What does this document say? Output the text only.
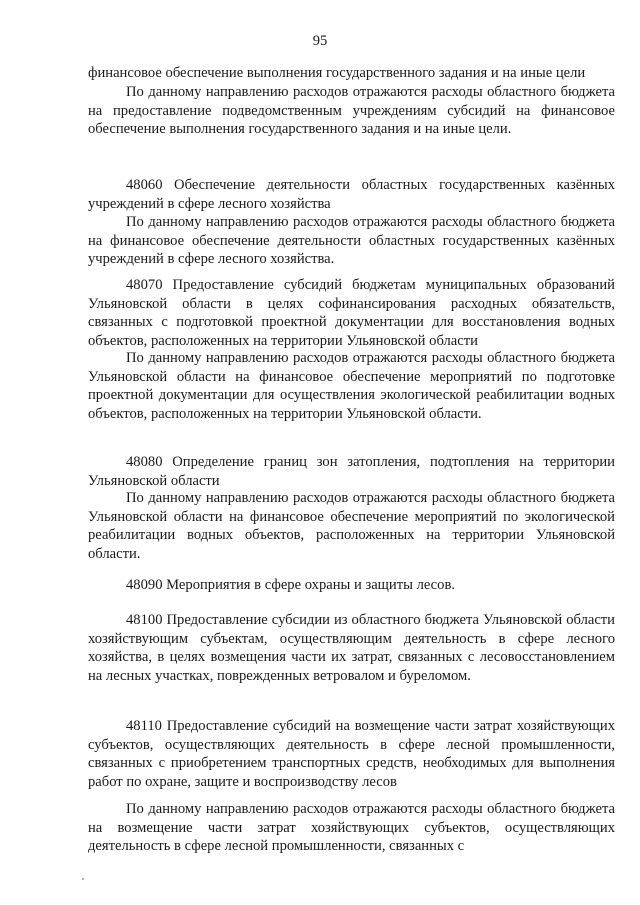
95

финансовое обеспечение выполнения государственного задания и на иные цели

По данному направлению расходов отражаются расходы областного бюджета на предоставление подведомственным учреждениям субсидий на финансовое обеспечение выполнения государственного задания и на иные цели.

48060 Обеспечение деятельности областных государственных казённых учреждений в сфере лесного хозяйства

По данному направлению расходов отражаются расходы областного бюджета на финансовое обеспечение деятельности областных государственных казённых учреждений в сфере лесного хозяйства.

48070 Предоставление субсидий бюджетам муниципальных образований Ульяновской области в целях софинансирования расходных обязательств, связанных с подготовкой проектной документации для восстановления водных объектов, расположенных на территории Ульяновской области

По данному направлению расходов отражаются расходы областного бюджета Ульяновской области на финансовое обеспечение мероприятий по подготовке проектной документации для осуществления экологической реабилитации водных объектов, расположенных на территории Ульяновской области.

48080 Определение границ зон затопления, подтопления на территории Ульяновской области

По данному направлению расходов отражаются расходы областного бюджета Ульяновской области на финансовое обеспечение мероприятий по экологической реабилитации водных объектов, расположенных на территории Ульяновской области.

48090 Мероприятия в сфере охраны и защиты лесов.

48100 Предоставление субсидии из областного бюджета Ульяновской области хозяйствующим субъектам, осуществляющим деятельность в сфере лесного хозяйства, в целях возмещения части их затрат, связанных с лесовосстановлением на лесных участках, поврежденных ветровалом и буреломом.

48110 Предоставление субсидий на возмещение части затрат хозяйствующих субъектов, осуществляющих деятельность в сфере лесной промышленности, связанных с приобретением транспортных средств, необходимых для выполнения работ по охране, защите и воспроизводству лесов

По данному направлению расходов отражаются расходы областного бюджета на возмещение части затрат хозяйствующих субъектов, осуществляющих деятельность в сфере лесной промышленности, связанных с
